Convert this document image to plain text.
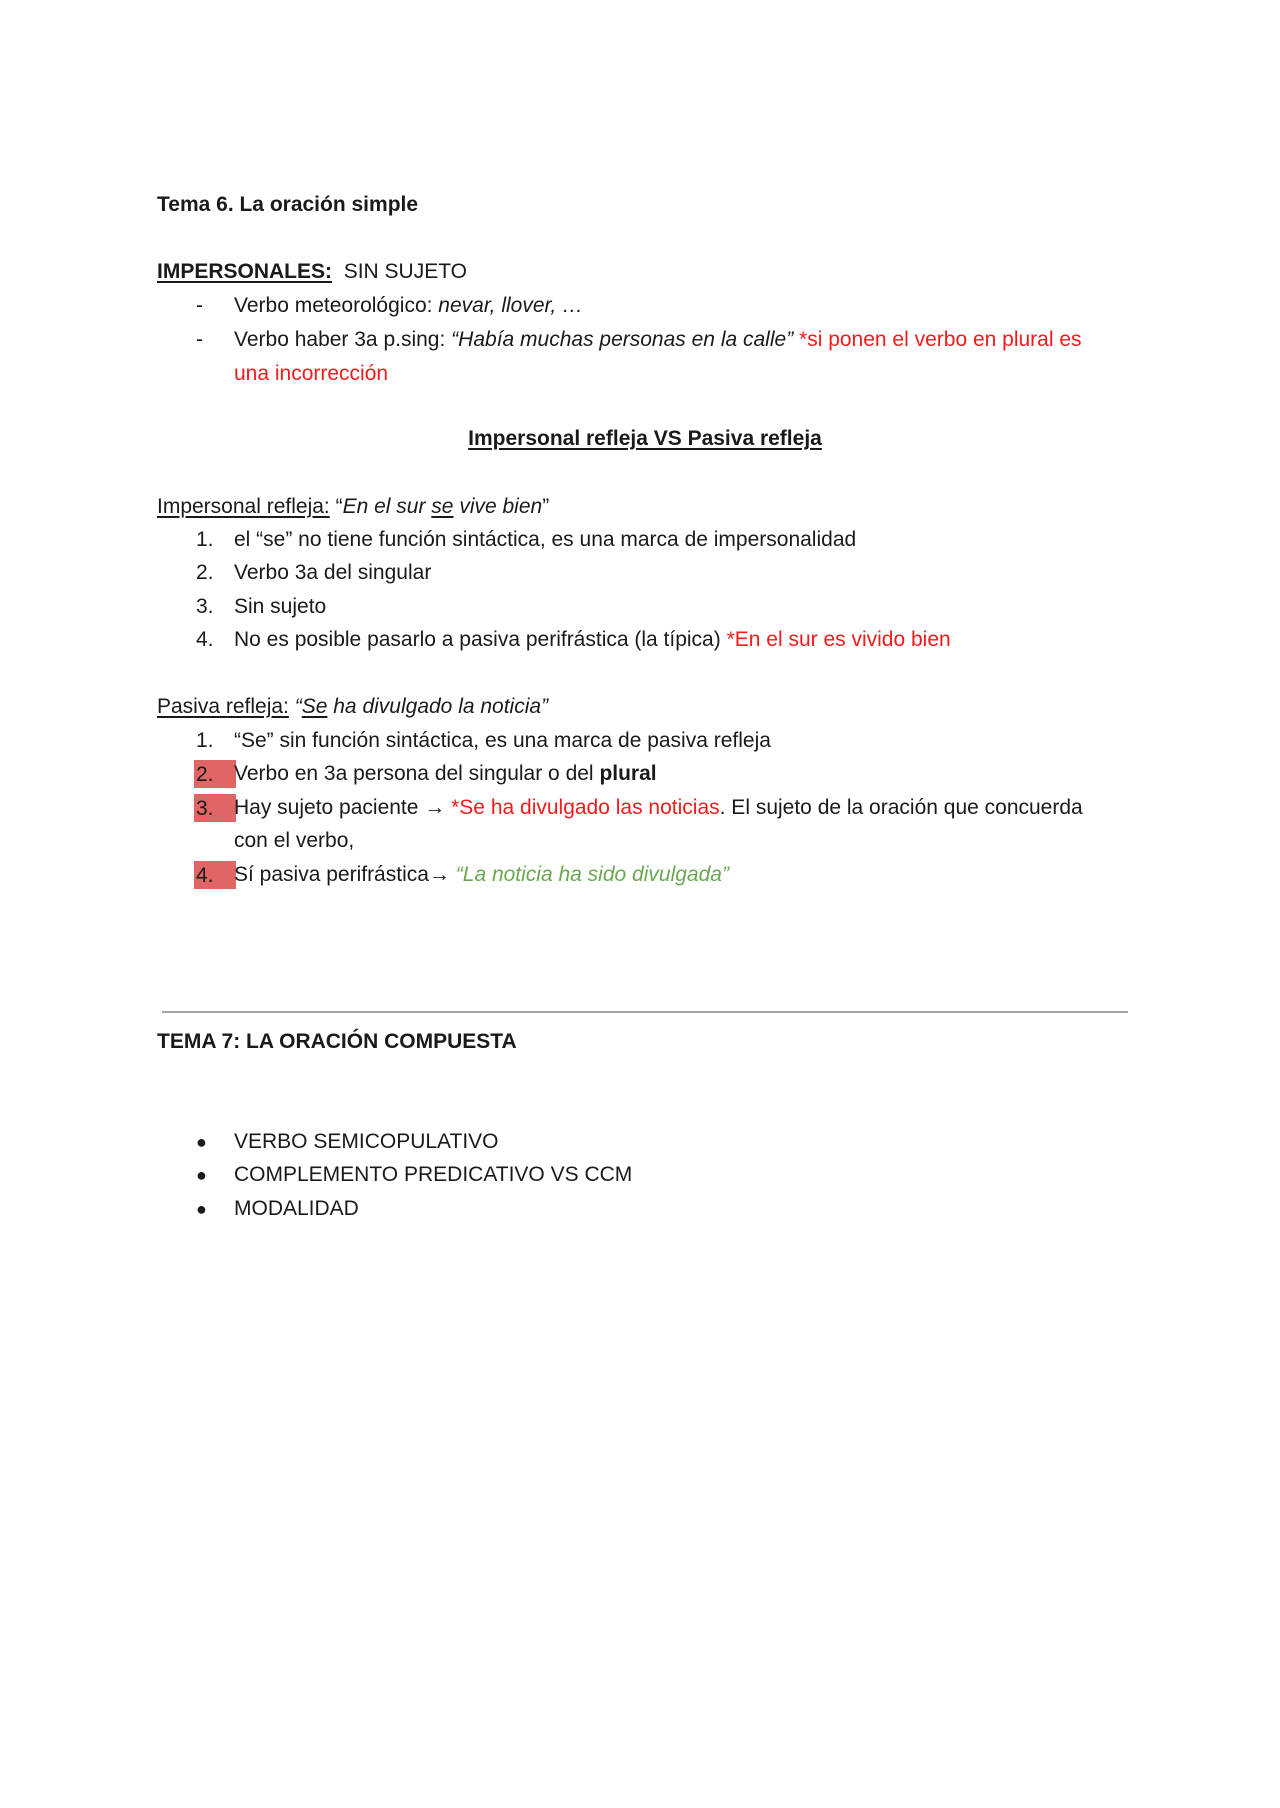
Tema 6. La oración simple
IMPERSONALES: SIN SUJETO
-	Verbo meteorológico: nevar, llover, …
-	Verbo haber 3a p.sing: “Había muchas personas en la calle” *si ponen el verbo en plural es
una incorrección
Impersonal refleja VS Pasiva refleja
Impersonal refleja: “En el sur se vive bien”
1. el “se” no tiene función sintáctica, es una marca de impersonalidad
2. Verbo 3a del singular
3. Sin sujeto
4. No es posible pasarlo a pasiva perifrástica (la típica) *En el sur es vivido bien
Pasiva refleja: “Se ha divulgado la noticia”
1. “Se” sin función sintáctica, es una marca de pasiva refleja
2. Verbo en 3a persona del singular o del plural
3. Hay sujeto paciente → *Se ha divulgado las noticias. El sujeto de la oración que concuerda
con el verbo,
4. Sí pasiva perifrástica→ “La noticia ha sido divulgada”
TEMA 7: LA ORACIÓN COMPUESTA
●	VERBO SEMICOPULATIVO
●	COMPLEMENTO PREDICATIVO VS CCM
●	MODALIDAD
